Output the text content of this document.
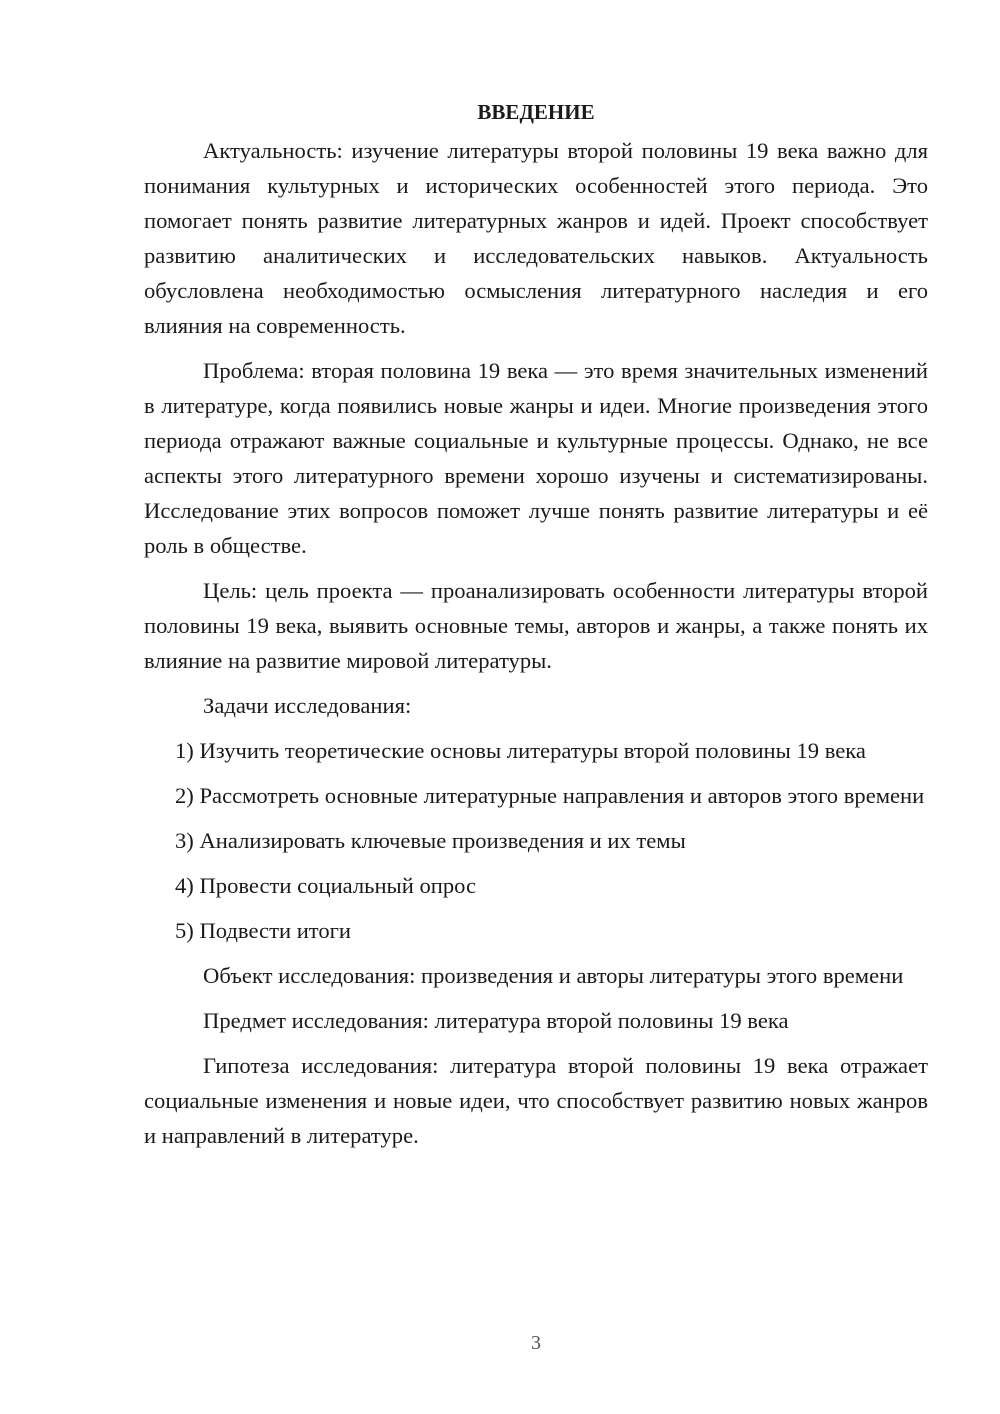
ВВЕДЕНИЕ

Актуальность: изучение литературы второй половины 19 века важно для понимания культурных и исторических особенностей этого периода. Это помогает понять развитие литературных жанров и идей. Проект способствует развитию аналитических и исследовательских навыков. Актуальность обусловлена необходимостью осмысления литературного наследия и его влияния на современность.

Проблема: вторая половина 19 века — это время значительных изменений в литературе, когда появились новые жанры и идеи. Многие произведения этого периода отражают важные социальные и культурные процессы. Однако, не все аспекты этого литературного времени хорошо изучены и систематизированы. Исследование этих вопросов поможет лучше понять развитие литературы и её роль в обществе.

Цель: цель проекта — проанализировать особенности литературы второй половины 19 века, выявить основные темы, авторов и жанры, а также понять их влияние на развитие мировой литературы.

Задачи исследования:

1) Изучить теоретические основы литературы второй половины 19 века

2) Рассмотреть основные литературные направления и авторов этого времени

3) Анализировать ключевые произведения и их темы

4) Провести социальный опрос

5) Подвести итоги

Объект исследования: произведения и авторы литературы этого времени

Предмет исследования: литература второй половины 19 века

Гипотеза исследования: литература второй половины 19 века отражает социальные изменения и новые идеи, что способствует развитию новых жанров и направлений в литературе.

3
